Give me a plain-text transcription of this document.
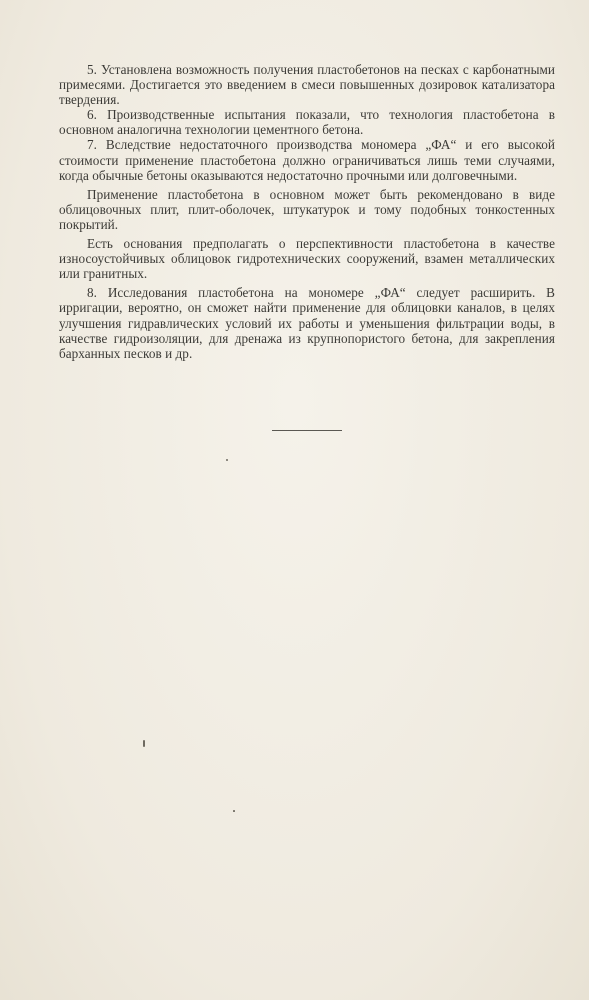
5. Установлена возможность получения пластобетонов на песках с карбонатными примесями. Достигается это введением в смеси повышенных дозировок катализатора твердения.

6. Производственные испытания показали, что технология пластобетона в основном аналогична технологии цементного бетона.

7. Вследствие недостаточного производства мономера „ФА“ и его высокой стоимости применение пластобетона должно ограничиваться лишь теми случаями, когда обычные бетоны оказываются недостаточно прочными или долговечными.

Применение пластобетона в основном может быть рекомендовано в виде облицовочных плит, плит-оболочек, штукатурок и тому подобных тонкостенных покрытий.

Есть основания предполагать о перспективности пластобетона в качестве износоустойчивых облицовок гидротехнических сооружений, взамен металлических или гранитных.

8. Исследования пластобетона на мономере „ФА“ следует расширить. В ирригации, вероятно, он сможет найти применение для облицовки каналов, в целях улучшения гидравлических условий их работы и уменьшения фильтрации воды, в качестве гидроизоляции, для дренажа из крупнопористого бетона, для закрепления барханных песков и др.
